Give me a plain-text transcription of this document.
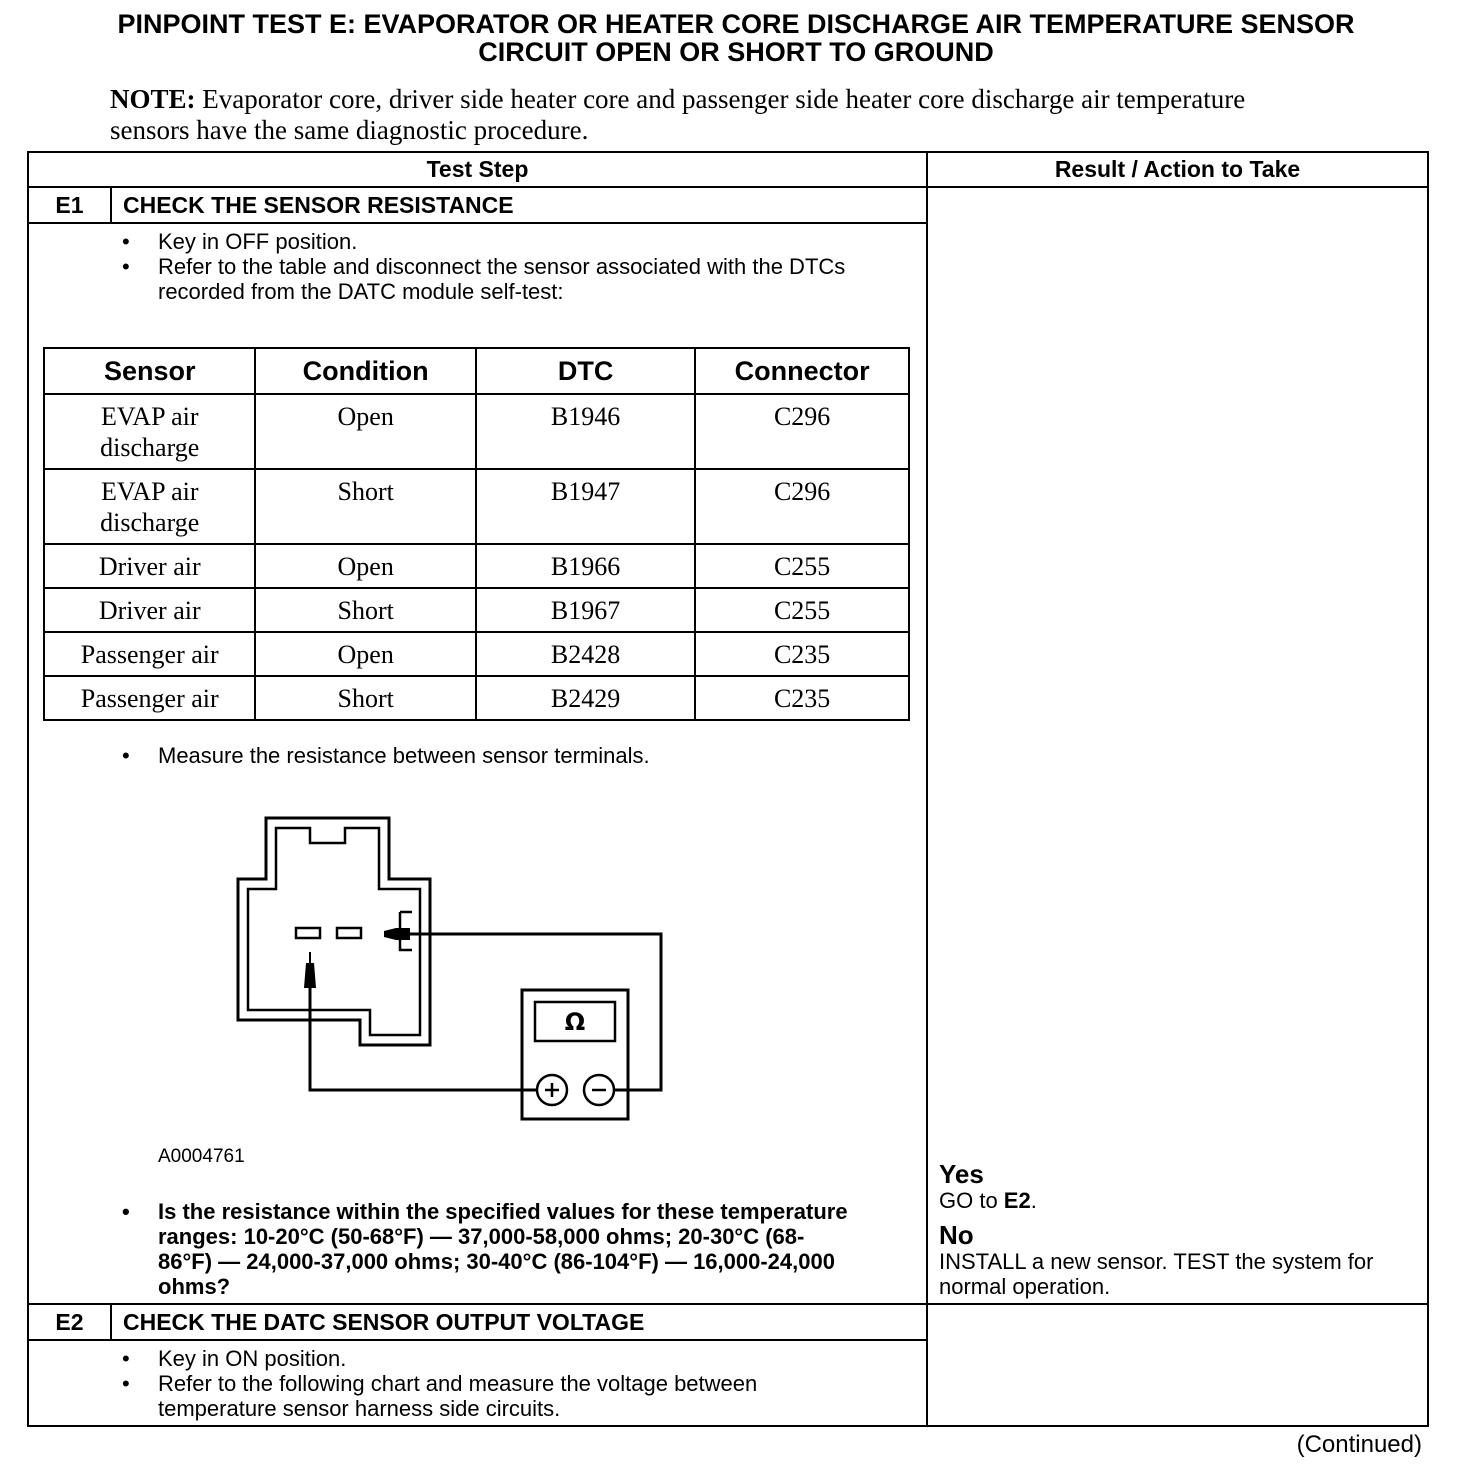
PINPOINT TEST E: EVAPORATOR OR HEATER CORE DISCHARGE AIR TEMPERATURE SENSOR
CIRCUIT OPEN OR SHORT TO GROUND
NOTE: Evaporator core, driver side heater core and passenger side heater core discharge air temperature sensors have the same diagnostic procedure.
Test Step	Result / Action to Take
E1	CHECK THE SENSOR RESISTANCE
• Key in OFF position.
• Refer to the table and disconnect the sensor associated with the DTCs recorded from the DATC module self-test:
Sensor	Condition	DTC	Connector
EVAP air discharge	Open	B1946	C296
EVAP air discharge	Short	B1947	C296
Driver air	Open	B1966	C255
Driver air	Short	B1967	C255
Passenger air	Open	B2428	C235
Passenger air	Short	B2429	C235
• Measure the resistance between sensor terminals.
Ω
A0004761
• Is the resistance within the specified values for these temperature ranges: 10-20°C (50-68°F) — 37,000-58,000 ohms; 20-30°C (68-86°F) — 24,000-37,000 ohms; 30-40°C (86-104°F) — 16,000-24,000 ohms?
Yes
GO to E2.
No
INSTALL a new sensor. TEST the system for normal operation.
E2	CHECK THE DATC SENSOR OUTPUT VOLTAGE
• Key in ON position.
• Refer to the following chart and measure the voltage between temperature sensor harness side circuits.
(Continued)
